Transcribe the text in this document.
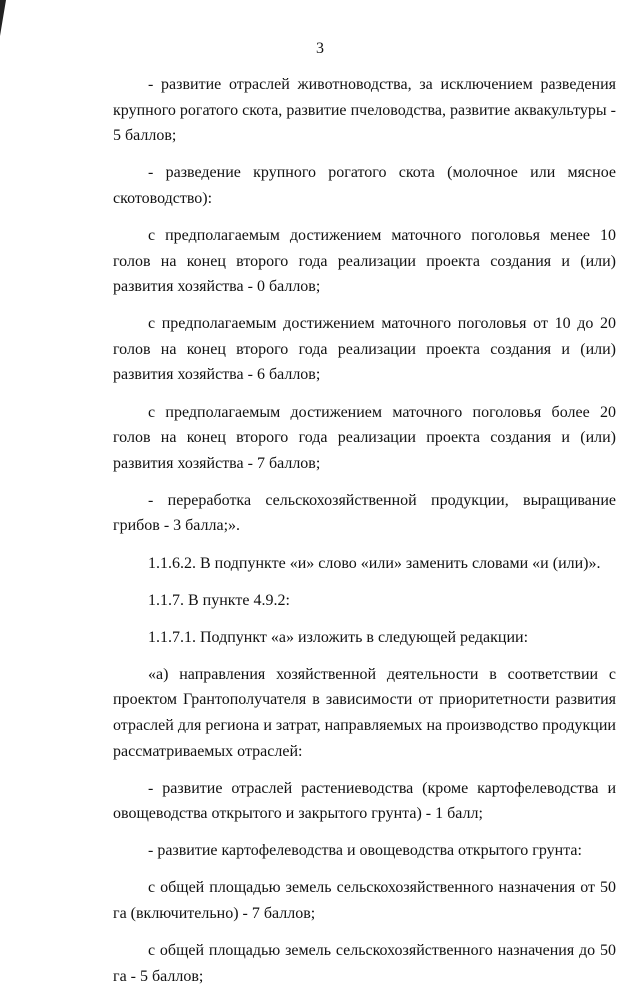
3

- развитие отраслей животноводства, за исключением разведения крупного рогатого скота, развитие пчеловодства, развитие аквакультуры - 5 баллов;

- разведение крупного рогатого скота (молочное или мясное скотоводство):

с предполагаемым достижением маточного поголовья менее 10 голов на конец второго года реализации проекта создания и (или) развития хозяйства - 0 баллов;

с предполагаемым достижением маточного поголовья от 10 до 20 голов на конец второго года реализации проекта создания и (или) развития хозяйства - 6 баллов;

с предполагаемым достижением маточного поголовья более 20 голов на конец второго года реализации проекта создания и (или) развития хозяйства - 7 баллов;

- переработка сельскохозяйственной продукции, выращивание грибов - 3 балла;».

1.1.6.2. В подпункте «и» слово «или» заменить словами «и (или)».

1.1.7. В пункте 4.9.2:

1.1.7.1. Подпункт «а» изложить в следующей редакции:

«а) направления хозяйственной деятельности в соответствии с проектом Грантополучателя в зависимости от приоритетности развития отраслей для региона и затрат, направляемых на производство продукции рассматриваемых отраслей:

- развитие отраслей растениеводства (кроме картофелеводства и овощеводства открытого и закрытого грунта) - 1 балл;

- развитие картофелеводства и овощеводства открытого грунта:

с общей площадью земель сельскохозяйственного назначения от 50 га (включительно) - 7 баллов;

с общей площадью земель сельскохозяйственного назначения до 50 га - 5 баллов;
